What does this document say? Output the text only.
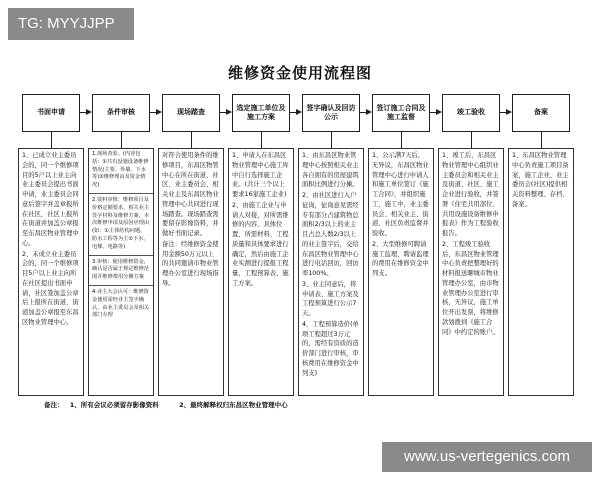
TG: MYYJJPP
维修资金使用流程图
书面申请

1、已成立业主委员会的，同一个维修项目的5户以上业主向业主委员会提出书面申请，业主委员会同意后签字并盖章报所在社区，社区上报所在街道并加盖公章报至东昌区物业管理中心。

2、未成立业主委员会的，同一个维修项目5户以上业主向所在社区提出书面申请，社区签加盖公章后上报所在街道，街道加盖公章报至东昌区物业管理中心。

条件审核

1.现场查验。(内容包括：①共有设施设备维修情况(主要、外墙、下水等)②维修理由及资金情况)

2.资料审核：维修项目及价格定额要求、相关业主签字材料及维修方案，本次维修申请及原因应理由(如：①主体结构问题、防水工程等为主②下水、电梯、电路等)

3.审核：使用维修资金，确认是否属于规定维修范围并维修费用分摊方案

4.业主大会认可：维修资金使用需经业主签字确认，由业主委员会及相关部门办理

现场踏查

对符合使用条件的维修项目，东昌区物管中心在所在街道、社区、业主委员会、相关业主及东昌区物业管理中心共同进行现场踏查。现场踏查需要留存影像资料，并做好书面记录。

备注：经维修资金使用金额50万元以上的共同邀请市物业管理办公室进行现场指导。

选定施工单位及施工方案

1、申请人在东昌区物业管理中心施工库中自行选择施工企业。(共计三个以上要求16家施工企业)

2、由施工企业与申请人对接，对所需维修的内容、具体位置、所需材料、工程质量和具体要求进行确定，然后由施工企业实测进行提报工程量、工程预算表、施工方案。

签字确认及回访公示

1、由东昌区物业管理中心按照相关业主各自拥有的房屋建筑面积比例进行分摊。

2、由社区进行入户征询，征询意见需经专有部分占建筑物总面积2/3以上的业主且占总人数2/3以上的业主签字后，交给东昌区物业管理中心进行电话回访，回访率100%。

3、业主同意后，将申请表、施工方案及工程预算进行公示7天。

4、工程预算造价(单项工程超过3万元的，需经有资质的造价部门进行审核，审核费用在维修资金中列支)

签订施工合同及施工监督

1、公示满7天后，无异议，东昌区物业管理中心进行申请人和施工单位签订《施工合同》，并组织施工，施工中，业主委员会、相关业主、街道、社区负责监督并验收。

2、大型维修可聘请施工监理，聘请监理的费用在维修资金中列支。

竣工验收

1、竣工后，东昌区物业管理中心组织业主委员会和相关业主及街道、社区、施工企业进行验收，并签署《住宅共用部位、共用设施设备维修申报表》作为工程验收报告。

2、工程竣工验收后，东昌区物业管理中心负责把整理好的材料报送聊城市物业管理办公室，由市物业管理办公室进行审核，无异议，施工单位开出发票，将维修款划拨到《施工合同》中约定的账户。

备案

1、东昌区物业管理中心负责施工项目备案，施工企业、业主委员会(社区)提供相关资料整理、存档、备案。

备注： 1、所有会议必须留存影像资料	2、最终解释权归东昌区物业管理中心
www.us-vertegenics.com
